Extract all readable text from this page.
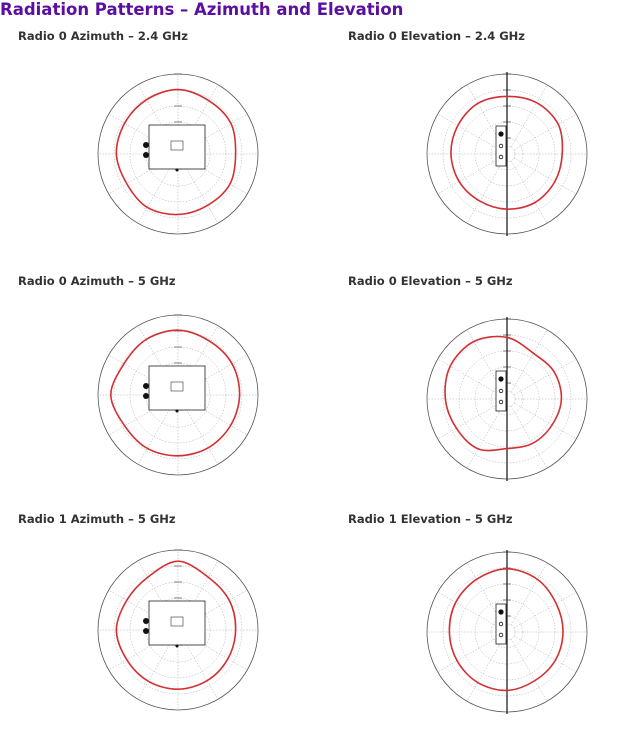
Radiation Patterns – Azimuth and Elevation
Radio 0 Azimuth – 2.4 GHz	Radio 0 Elevation – 2.4 GHz
Radio 0 Azimuth – 5 GHz	Radio 0 Elevation – 5 GHz
Radio 1 Azimuth – 5 GHz	Radio 1 Elevation – 5 GHz
